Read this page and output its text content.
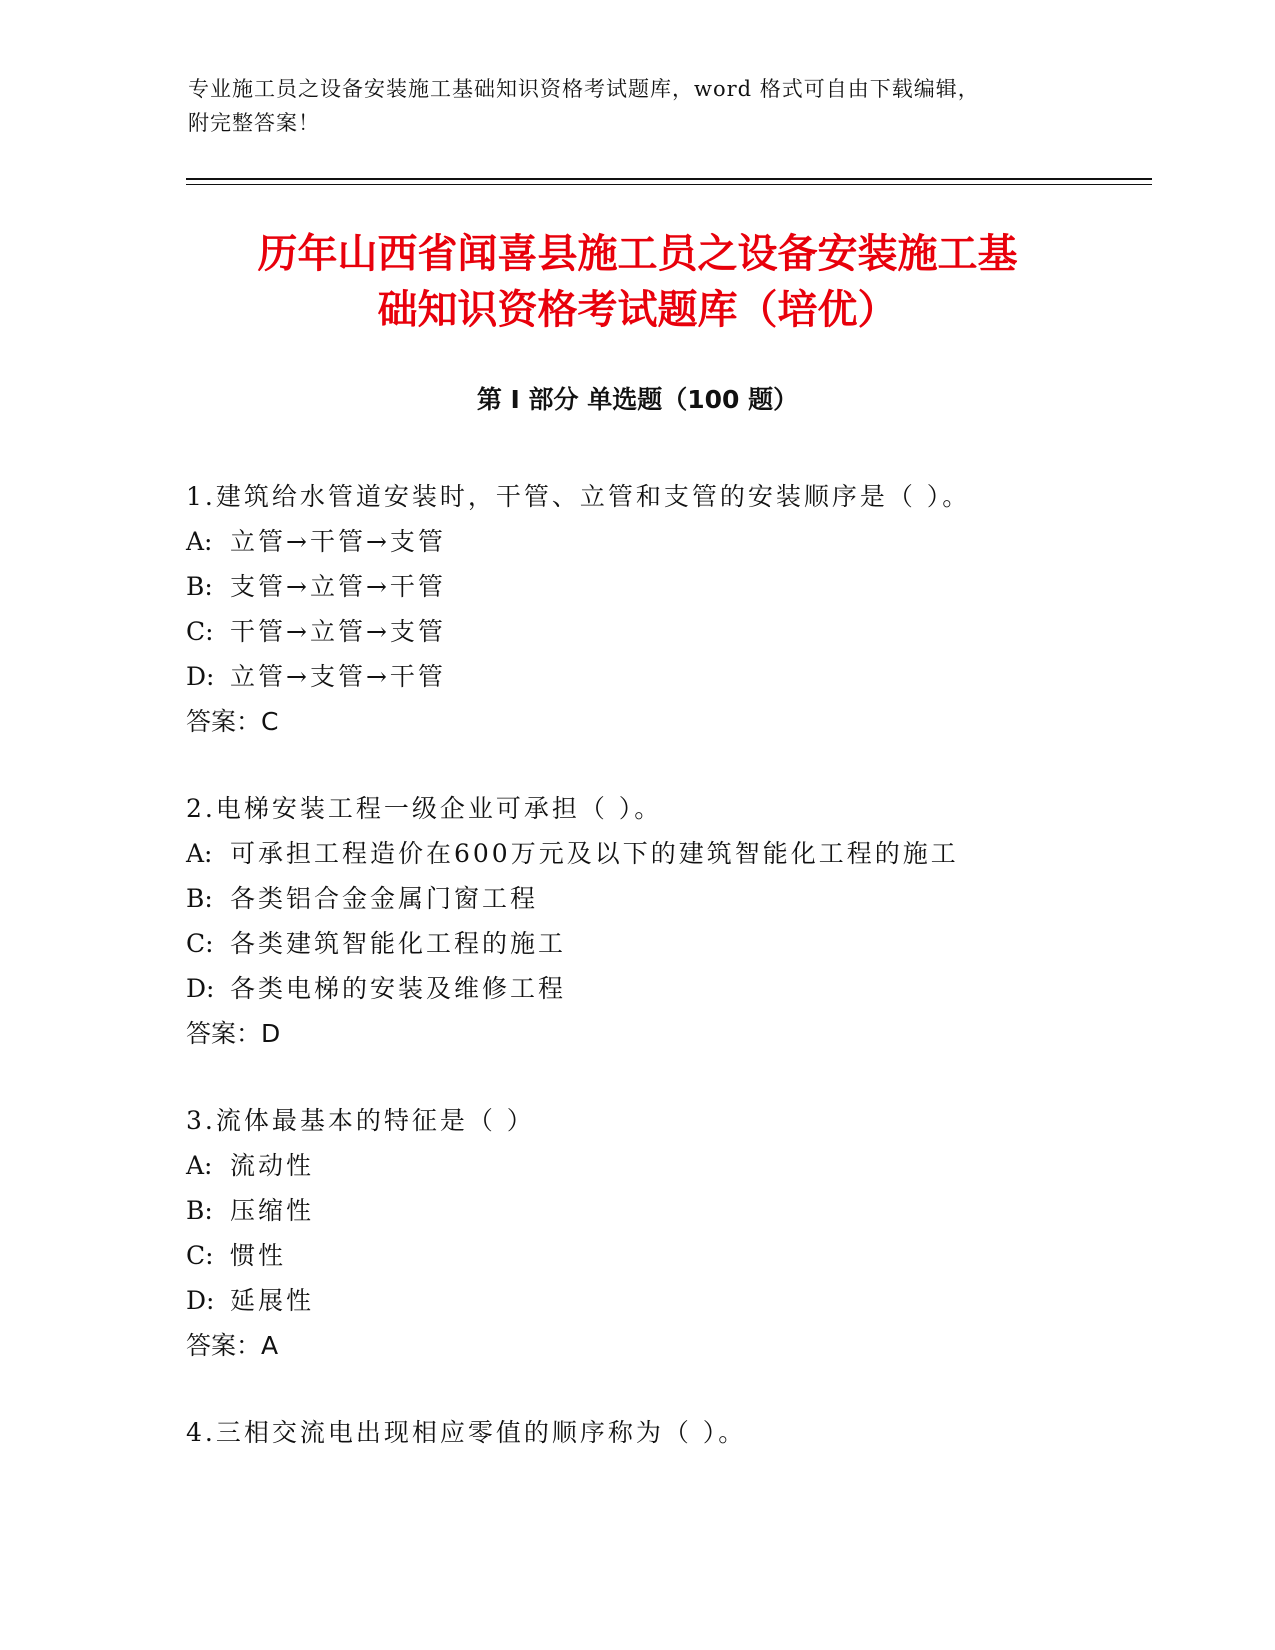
专业施工员之设备安装施工基础知识资格考试题库，word 格式可自由下载编辑，
附完整答案！
历年山西省闻喜县施工员之设备安装施工基
础知识资格考试题库（培优）
第 I 部分 单选题（100 题）
1.建筑给水管道安装时，干管、立管和支管的安装顺序是（ ）。
A: 立管→干管→支管
B: 支管→立管→干管
C: 干管→立管→支管
D: 立管→支管→干管
答案：C
2.电梯安装工程一级企业可承担（ ）。
A: 可承担工程造价在600万元及以下的建筑智能化工程的施工
B: 各类铝合金金属门窗工程
C: 各类建筑智能化工程的施工
D: 各类电梯的安装及维修工程
答案：D
3.流体最基本的特征是（ ）
A: 流动性
B: 压缩性
C: 惯性
D: 延展性
答案：A
4.三相交流电出现相应零值的顺序称为（ ）。
